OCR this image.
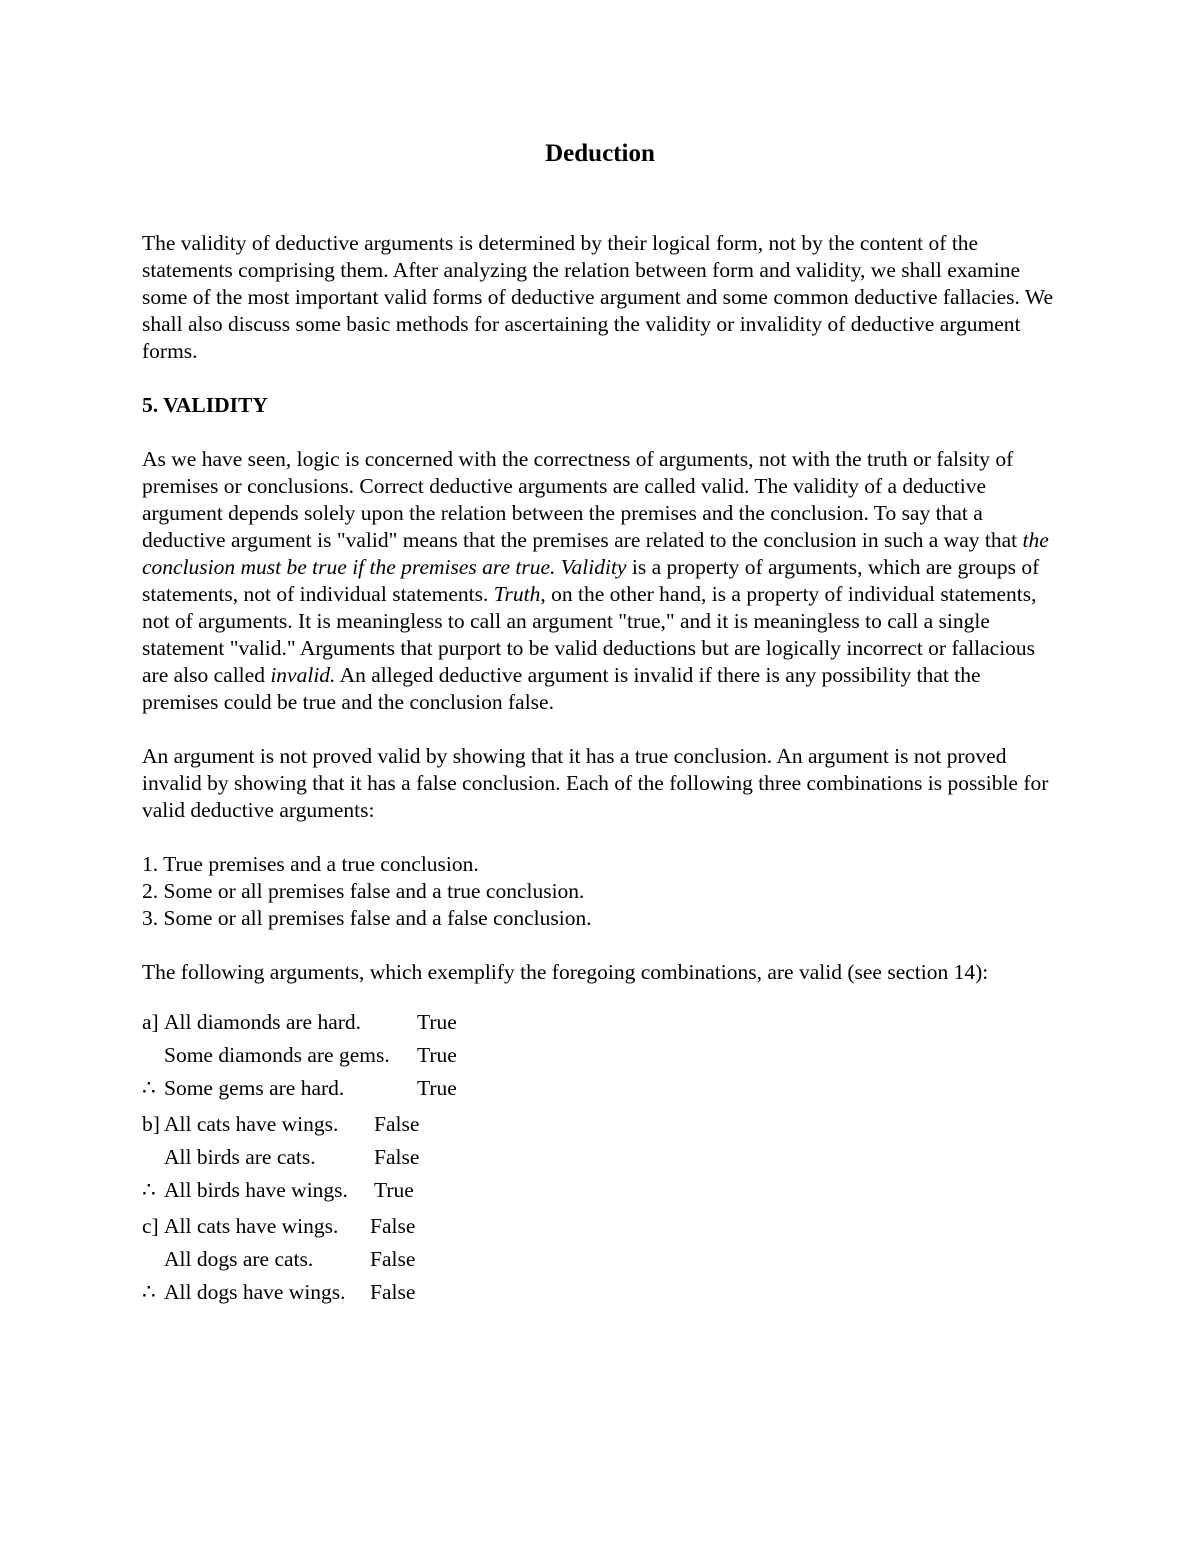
Deduction

The validity of deductive arguments is determined by their logical form, not by the content of the statements comprising them. After analyzing the relation between form and validity, we shall examine some of the most important valid forms of deductive argument and some common deductive fallacies. We shall also discuss some basic methods for ascertaining the validity or invalidity of deductive argument forms.

5. VALIDITY

As we have seen, logic is concerned with the correctness of arguments, not with the truth or falsity of premises or conclusions. Correct deductive arguments are called valid. The validity of a deductive argument depends solely upon the relation between the premises and the conclusion. To say that a deductive argument is "valid" means that the premises are related to the conclusion in such a way that the conclusion must be true if the premises are true. Validity is a property of arguments, which are groups of statements, not of individual statements. Truth, on the other hand, is a property of individual statements, not of arguments. It is meaningless to call an argument "true," and it is meaningless to call a single statement "valid." Arguments that purport to be valid deductions but are logically incorrect or fallacious are also called invalid. An alleged deductive argument is invalid if there is any possibility that the premises could be true and the conclusion false.

An argument is not proved valid by showing that it has a true conclusion. An argument is not proved invalid by showing that it has a false conclusion. Each of the following three combinations is possible for valid deductive arguments:

1. True premises and a true conclusion.
2. Some or all premises false and a true conclusion.
3. Some or all premises false and a false conclusion.

The following arguments, which exemplify the foregoing combinations, are valid (see section 14):

a] All diamonds are hard.	True
Some diamonds are gems.	True
∴ Some gems are hard.	True
b] All cats have wings.	False
All birds are cats.	False
∴ All birds have wings.	True
c] All cats have wings.	False
All dogs are cats.	False
∴ All dogs have wings.	False
